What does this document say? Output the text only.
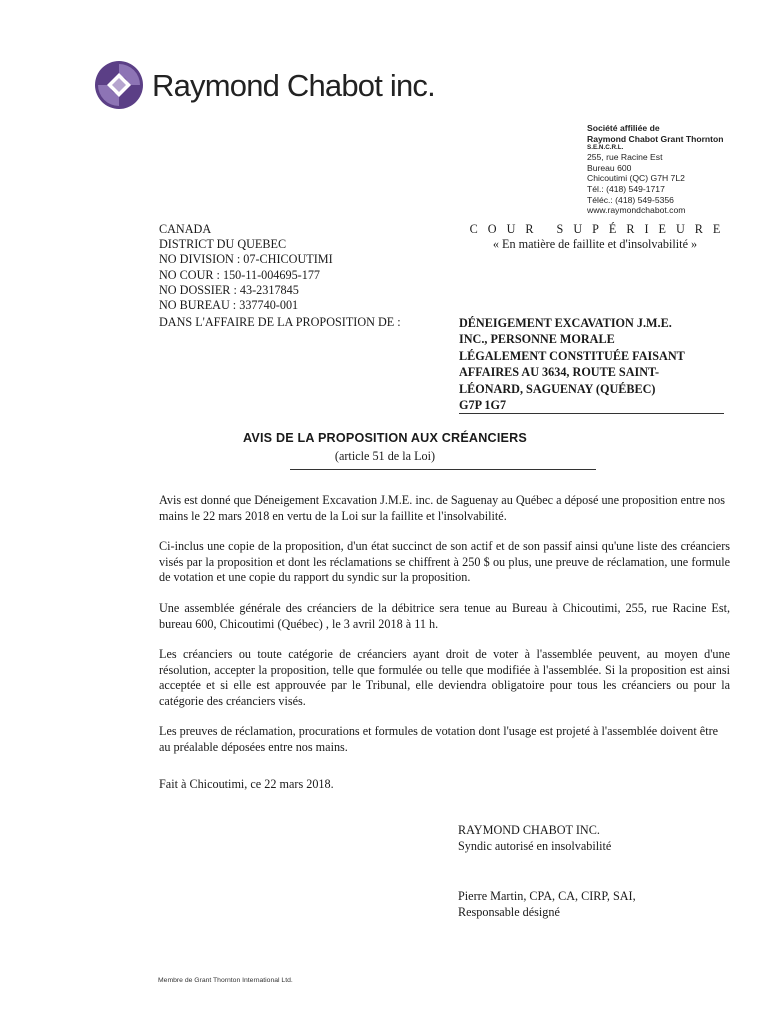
Raymond Chabot inc.
Société affiliée de
Raymond Chabot Grant Thornton
S.E.N.C.R.L.
255, rue Racine Est
Bureau 600
Chicoutimi (QC) G7H 7L2
Tél.: (418) 549-1717
Téléc.: (418) 549-5356
www.raymondchabot.com
CANADA
DISTRICT DU QUEBEC
NO DIVISION : 07-CHICOUTIMI
NO COUR : 150-11-004695-177
NO DOSSIER : 43-2317845
NO BUREAU : 337740-001
COUR SUPÉRIEURE
« En matière de faillite et d'insolvabilité »
DANS L'AFFAIRE DE LA PROPOSITION DE :	DÉNEIGEMENT EXCAVATION J.M.E.
INC., PERSONNE MORALE
LÉGALEMENT CONSTITUÉE FAISANT
AFFAIRES AU 3634, ROUTE SAINT-
LÉONARD, SAGUENAY (QUÉBEC)
G7P 1G7
AVIS DE LA PROPOSITION AUX CRÉANCIERS
(article 51 de la Loi)
Avis est donné que Déneigement Excavation J.M.E. inc. de Saguenay au Québec a déposé une proposition entre nos mains le 22 mars 2018 en vertu de la Loi sur la faillite et l'insolvabilité.
Ci-inclus une copie de la proposition, d'un état succinct de son actif et de son passif ainsi qu'une liste des créanciers visés par la proposition et dont les réclamations se chiffrent à 250 $ ou plus, une preuve de réclamation, une formule de votation et une copie du rapport du syndic sur la proposition.
Une assemblée générale des créanciers de la débitrice sera tenue au Bureau à Chicoutimi, 255, rue Racine Est, bureau 600, Chicoutimi (Québec) , le 3 avril 2018 à 11 h.
Les créanciers ou toute catégorie de créanciers ayant droit de voter à l'assemblée peuvent, au moyen d'une résolution, accepter la proposition, telle que formulée ou telle que modifiée à l'assemblée. Si la proposition est ainsi acceptée et si elle est approuvée par le Tribunal, elle deviendra obligatoire pour tous les créanciers ou pour la catégorie des créanciers visés.
Les preuves de réclamation, procurations et formules de votation dont l'usage est projeté à l'assemblée doivent être au préalable déposées entre nos mains.
Fait à Chicoutimi, ce 22 mars 2018.
RAYMOND CHABOT INC.
Syndic autorisé en insolvabilité
Pierre Martin, CPA, CA, CIRP, SAI,
Responsable désigné
Membre de Grant Thornton International Ltd.
